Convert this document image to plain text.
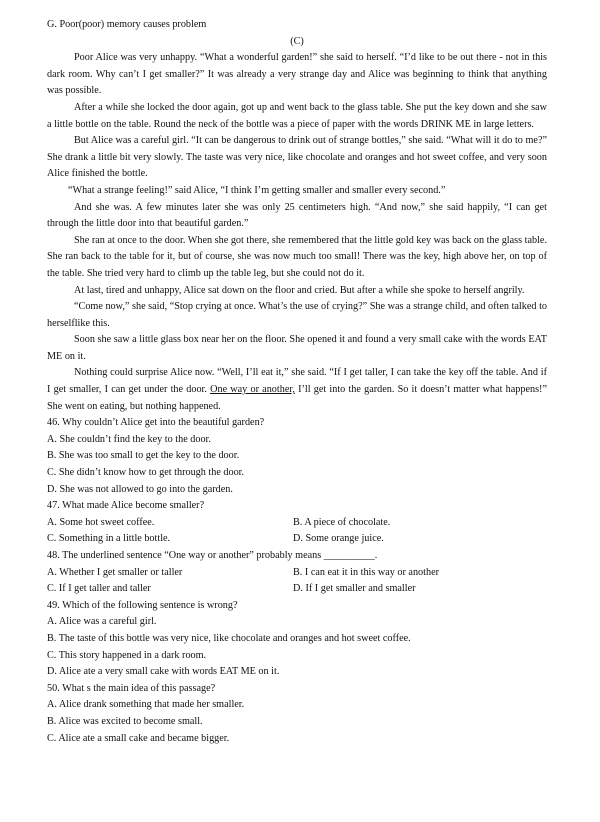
G. Poor(poor) memory causes problem
(C)
Poor Alice was very unhappy. “What a wonderful garden!” she said to herself. “I’d like to be out there - not in this dark room. Why can’t I get smaller?” It was already a very strange day and Alice was beginning to think that anything was possible.
After a while she locked the door again, got up and went back to the glass table. She put the key down and she saw a little bottle on the table. Round the neck of the bottle was a piece of paper with the words DRINK ME in large letters.
But Alice was a careful girl. “It can be dangerous to drink out of strange bottles,” she said. “What will it do to me?” She drank a little bit very slowly. The taste was very nice, like chocolate and oranges and hot sweet coffee, and very soon Alice finished the bottle.
“What a strange feeling!” said Alice, “I think I’m getting smaller and smaller every second.”
And she was. A few minutes later she was only 25 centimeters high. “And now,” she said happily, “I can get through the little door into that beautiful garden.”
She ran at once to the door. When she got there, she remembered that the little gold key was back on the glass table. She ran back to the table for it, but of course, she was now much too small! There was the key, high above her, on top of the table. She tried very hard to climb up the table leg, but she could not do it.
At last, tired and unhappy, Alice sat down on the floor and cried. But after a while she spoke to herself angrily.
“Come now,” she said, “Stop crying at once. What’s the use of crying?” She was a strange child, and often talked to herselflike this.
Soon she saw a little glass box near her on the floor. She opened it and found a very small cake with the words EAT ME on it.
Nothing could surprise Alice now. “Well, I’ll eat it,” she said. “If I get taller, I can take the key off the table. And if I get smaller, I can get under the door. One way or another, I’ll get into the garden. So it doesn’t matter what happens!” She went on eating, but nothing happened.
46. Why couldn’t Alice get into the beautiful garden?
A. She couldn’t find the key to the door.
B. She was too small to get the key to the door.
C. She didn’t know how to get through the door.
D. She was not allowed to go into the garden.
47. What made Alice become smaller?
A. Some hot sweet coffee.	B. A piece of chocolate.
C. Something in a little bottle.	D. Some orange juice.
48. The underlined sentence “One way or another” probably means __________.
A. Whether I get smaller or taller	B. I can eat it in this way or another
C. If I get taller and taller	D. If I get smaller and smaller
49. Which of the following sentence is wrong?
A. Alice was a careful girl.
B. The taste of this bottle was very nice, like chocolate and oranges and hot sweet coffee.
C. This story happened in a dark room.
D. Alice ate a very small cake with words EAT ME on it.
50. What s the main idea of this passage?
A. Alice drank something that made her smaller.
B. Alice was excited to become small.
C. Alice ate a small cake and became bigger.
